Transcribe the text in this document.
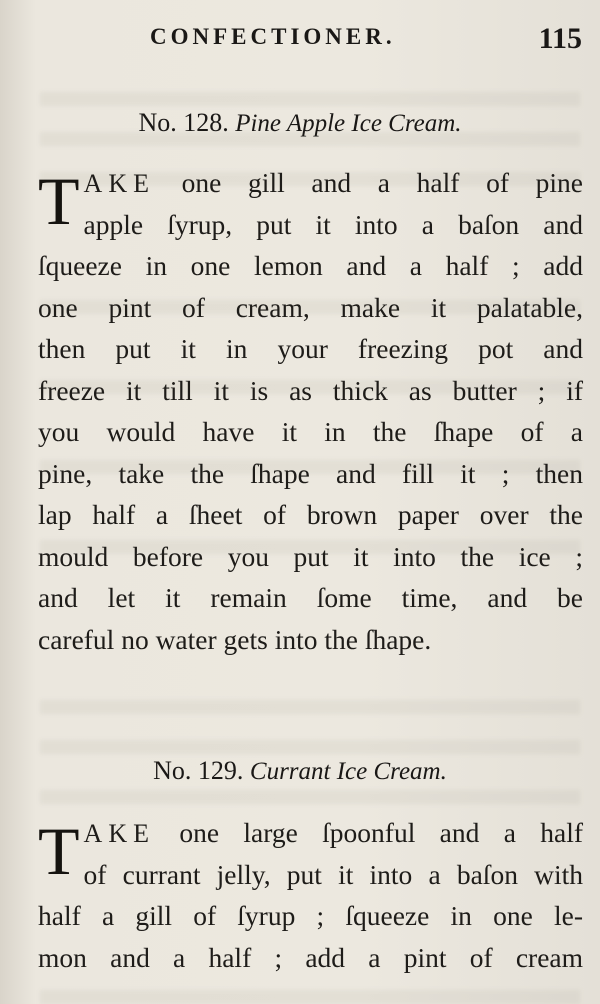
CONFECTIONER.	115
No. 128. Pine Apple Ice Cream.
T AKE one gill and a half of pine
apple ſyrup, put it into a baſon and
ſqueeze in one lemon and a half ; add
one pint of cream, make it palatable,
then put it in your freezing pot and
freeze it till it is as thick as butter ; if
you would have it in the ſhape of a
pine, take the ſhape and fill it ; then
lap half a ſheet of brown paper over the
mould before you put it into the ice ;
and let it remain ſome time, and be
careful no water gets into the ſhape.
No. 129. Currant Ice Cream.
T AKE one large ſpoonful and a half
of currant jelly, put it into a baſon with
half a gill of ſyrup ; ſqueeze in one le-
mon and a half ; add a pint of cream
